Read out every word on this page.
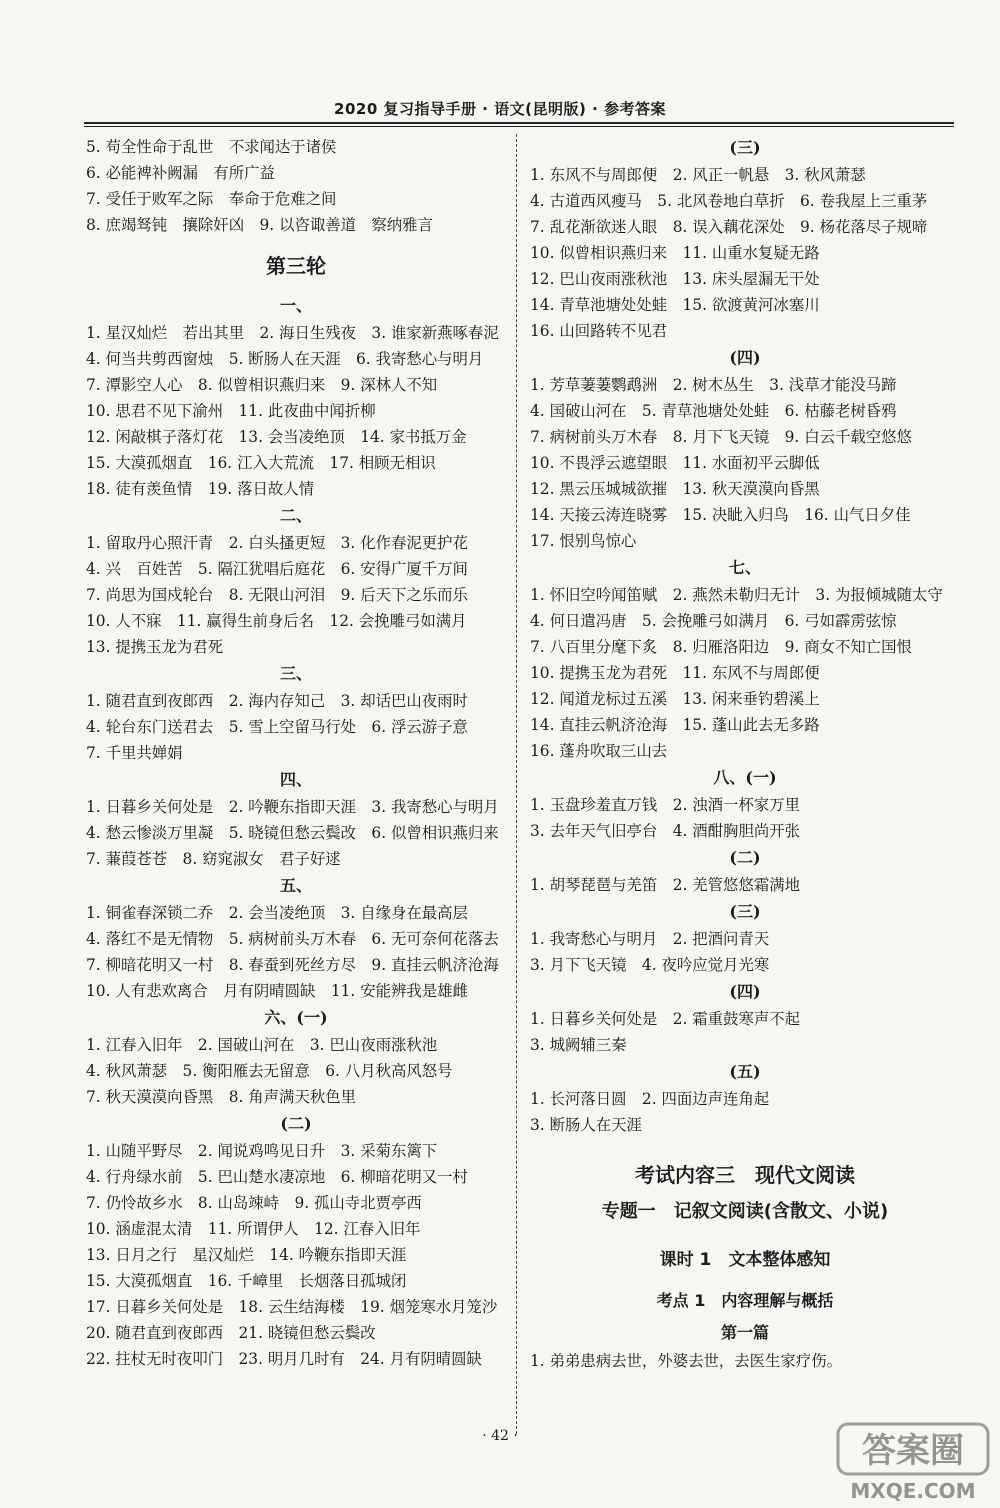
2020 复习指导手册 · 语文(昆明版) · 参考答案
5. 苟全性命于乱世　不求闻达于诸侯
6. 必能裨补阙漏　有所广益
7. 受任于败军之际　奉命于危难之间
8. 庶竭驽钝　攘除奸凶　9. 以咨诹善道　察纳雅言
第三轮
一、
1. 星汉灿烂　若出其里　2. 海日生残夜　3. 谁家新燕啄春泥
4. 何当共剪西窗烛　5. 断肠人在天涯　6. 我寄愁心与明月
7. 潭影空人心　8. 似曾相识燕归来　9. 深林人不知
10. 思君不见下渝州　11. 此夜曲中闻折柳
12. 闲敲棋子落灯花　13. 会当凌绝顶　14. 家书抵万金
15. 大漠孤烟直　16. 江入大荒流　17. 相顾无相识
18. 徒有羡鱼情　19. 落日故人情
二、
1. 留取丹心照汗青　2. 白头搔更短　3. 化作春泥更护花
4. 兴　百姓苦　5. 隔江犹唱后庭花　6. 安得广厦千万间
7. 尚思为国戍轮台　8. 无限山河泪　9. 后天下之乐而乐
10. 人不寐　11. 赢得生前身后名　12. 会挽雕弓如满月
13. 提携玉龙为君死
三、
1. 随君直到夜郎西　2. 海内存知己　3. 却话巴山夜雨时
4. 轮台东门送君去　5. 雪上空留马行处　6. 浮云游子意
7. 千里共婵娟
四、
1. 日暮乡关何处是　2. 吟鞭东指即天涯　3. 我寄愁心与明月
4. 愁云惨淡万里凝　5. 晓镜但愁云鬓改　6. 似曾相识燕归来
7. 蒹葭苍苍　8. 窈窕淑女　君子好逑
五、
1. 铜雀春深锁二乔　2. 会当凌绝顶　3. 自缘身在最高层
4. 落红不是无情物　5. 病树前头万木春　6. 无可奈何花落去
7. 柳暗花明又一村　8. 春蚕到死丝方尽　9. 直挂云帆济沧海
10. 人有悲欢离合　月有阴晴圆缺　11. 安能辨我是雄雌
六、(一)
1. 江春入旧年　2. 国破山河在　3. 巴山夜雨涨秋池
4. 秋风萧瑟　5. 衡阳雁去无留意　6. 八月秋高风怒号
7. 秋天漠漠向昏黑　8. 角声满天秋色里
(二)
1. 山随平野尽　2. 闻说鸡鸣见日升　3. 采菊东篱下
4. 行舟绿水前　5. 巴山楚水凄凉地　6. 柳暗花明又一村
7. 仍怜故乡水　8. 山岛竦峙　9. 孤山寺北贾亭西
10. 涵虚混太清　11. 所谓伊人　12. 江春入旧年
13. 日月之行　星汉灿烂　14. 吟鞭东指即天涯
15. 大漠孤烟直　16. 千嶂里　长烟落日孤城闭
17. 日暮乡关何处是　18. 云生结海楼　19. 烟笼寒水月笼沙
20. 随君直到夜郎西　21. 晓镜但愁云鬓改
22. 拄杖无时夜叩门　23. 明月几时有　24. 月有阴晴圆缺
(三)
1. 东风不与周郎便　2. 风正一帆悬　3. 秋风萧瑟
4. 古道西风瘦马　5. 北风卷地白草折　6. 卷我屋上三重茅
7. 乱花渐欲迷人眼　8. 误入藕花深处　9. 杨花落尽子规啼
10. 似曾相识燕归来　11. 山重水复疑无路
12. 巴山夜雨涨秋池　13. 床头屋漏无干处
14. 青草池塘处处蛙　15. 欲渡黄河冰塞川
16. 山回路转不见君
(四)
1. 芳草萋萋鹦鹉洲　2. 树木丛生　3. 浅草才能没马蹄
4. 国破山河在　5. 青草池塘处处蛙　6. 枯藤老树昏鸦
7. 病树前头万木春　8. 月下飞天镜　9. 白云千载空悠悠
10. 不畏浮云遮望眼　11. 水面初平云脚低
12. 黑云压城城欲摧　13. 秋天漠漠向昏黑
14. 天接云涛连晓雾　15. 决眦入归鸟　16. 山气日夕佳
17. 恨别鸟惊心
七、
1. 怀旧空吟闻笛赋　2. 燕然未勒归无计　3. 为报倾城随太守
4. 何日遣冯唐　5. 会挽雕弓如满月　6. 弓如霹雳弦惊
7. 八百里分麾下炙　8. 归雁洛阳边　9. 商女不知亡国恨
10. 提携玉龙为君死　11. 东风不与周郎便
12. 闻道龙标过五溪　13. 闲来垂钓碧溪上
14. 直挂云帆济沧海　15. 蓬山此去无多路
16. 蓬舟吹取三山去
八、(一)
1. 玉盘珍羞直万钱　2. 浊酒一杯家万里
3. 去年天气旧亭台　4. 酒酣胸胆尚开张
(二)
1. 胡琴琵琶与羌笛　2. 羌管悠悠霜满地
(三)
1. 我寄愁心与明月　2. 把酒问青天
3. 月下飞天镜　4. 夜吟应觉月光寒
(四)
1. 日暮乡关何处是　2. 霜重鼓寒声不起
3. 城阙辅三秦
(五)
1. 长河落日圆　2. 四面边声连角起
3. 断肠人在天涯
考试内容三　现代文阅读
专题一　记叙文阅读(含散文、小说)
课时 1　文本整体感知
考点 1　内容理解与概括
第一篇
1. 弟弟患病去世，外婆去世，去医生家疗伤。
· 42 ·	答案圈
MXQE.COM
